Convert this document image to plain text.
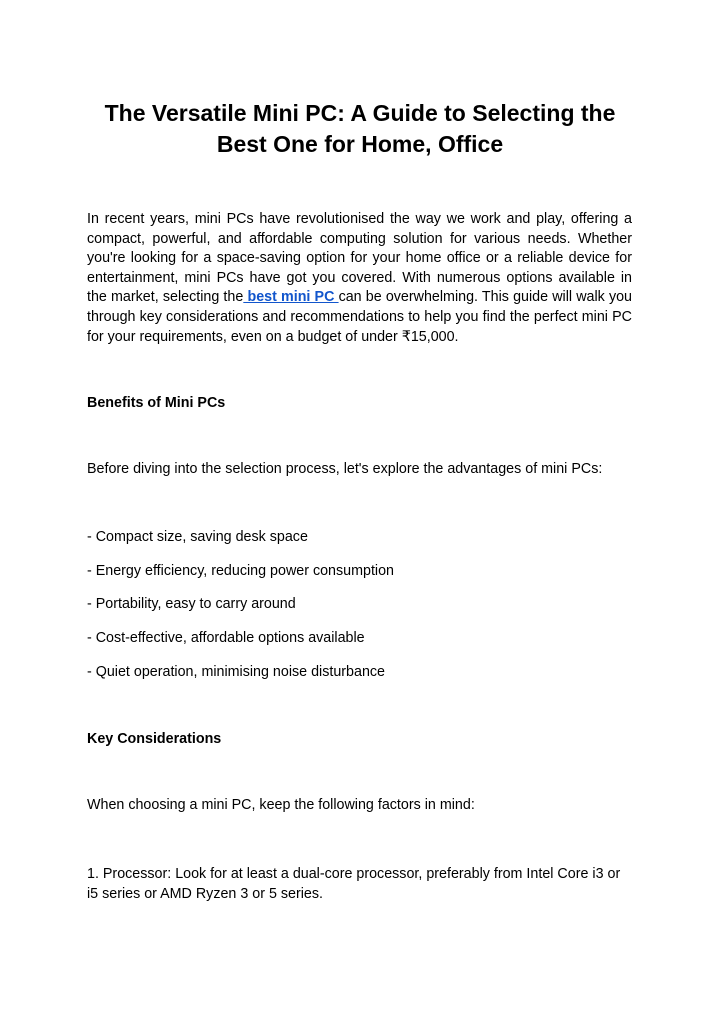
The Versatile Mini PC: A Guide to Selecting the
Best One for Home, Office

In recent years, mini PCs have revolutionised the way we work and play, offering a compact, powerful, and affordable computing solution for various needs. Whether you're looking for a space-saving option for your home office or a reliable device for entertainment, mini PCs have got you covered. With numerous options available in the market, selecting the best mini PC can be overwhelming. This guide will walk you through key considerations and recommendations to help you find the perfect mini PC for your requirements, even on a budget of under ₹15,000.

Benefits of Mini PCs

Before diving into the selection process, let's explore the advantages of mini PCs:

- Compact size, saving desk space

- Energy efficiency, reducing power consumption

- Portability, easy to carry around

- Cost-effective, affordable options available

- Quiet operation, minimising noise disturbance

Key Considerations

When choosing a mini PC, keep the following factors in mind:

1. Processor: Look for at least a dual-core processor, preferably from Intel Core i3 or i5 series or AMD Ryzen 3 or 5 series.
